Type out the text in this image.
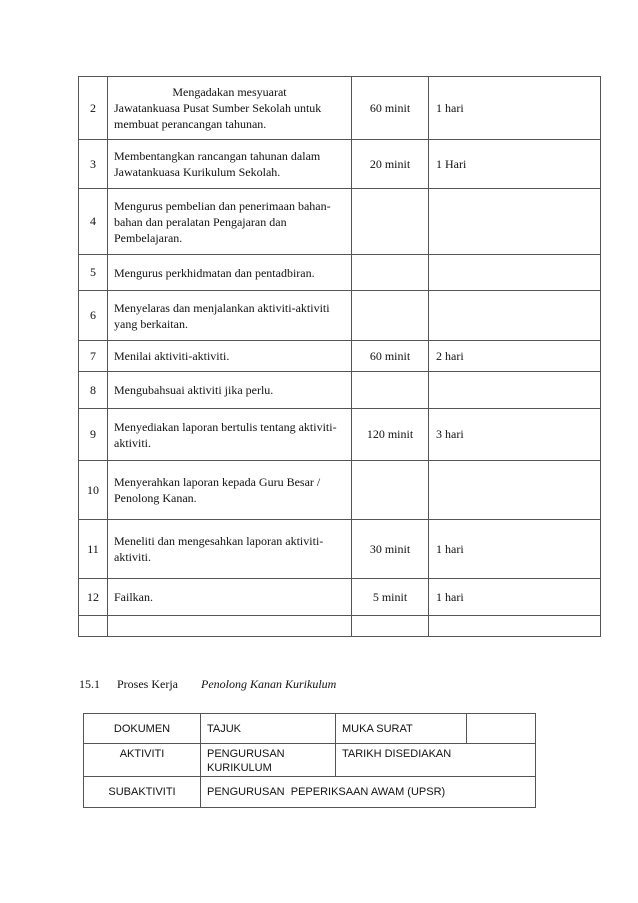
2	Mengadakan mesyuarat
Jawatankuasa Pusat Sumber Sekolah untuk membuat perancangan tahunan.	60 minit	1 hari
3	Membentangkan rancangan tahunan dalam Jawatankuasa Kurikulum Sekolah.	20 minit	1 Hari
4	Mengurus pembelian dan penerimaan bahan-bahan dan peralatan Pengajaran dan Pembelajaran.		
5	Mengurus perkhidmatan dan pentadbiran.		
6	Menyelaras dan menjalankan aktiviti-aktiviti yang berkaitan.		
7	Menilai aktiviti-aktiviti.	60 minit	2 hari
8	Mengubahsuai aktiviti jika perlu.		
9	Menyediakan laporan bertulis tentang aktiviti-aktiviti.	120 minit	3 hari
10	Menyerahkan laporan kepada Guru Besar / Penolong Kanan.		
11	Meneliti dan mengesahkan laporan aktiviti-aktiviti.	30 minit	1 hari
12	Failkan.	5 minit	1 hari

15.1 Proses Kerja Penolong Kanan Kurikulum
DOKUMEN	TAJUK	MUKA SURAT	
AKTIVITI	PENGURUSAN KURIKULUM	TARIKH DISEDIAKAN	
SUBAKTIVITI	PENGURUSAN  PEPERIKSAAN AWAM (UPSR)		
